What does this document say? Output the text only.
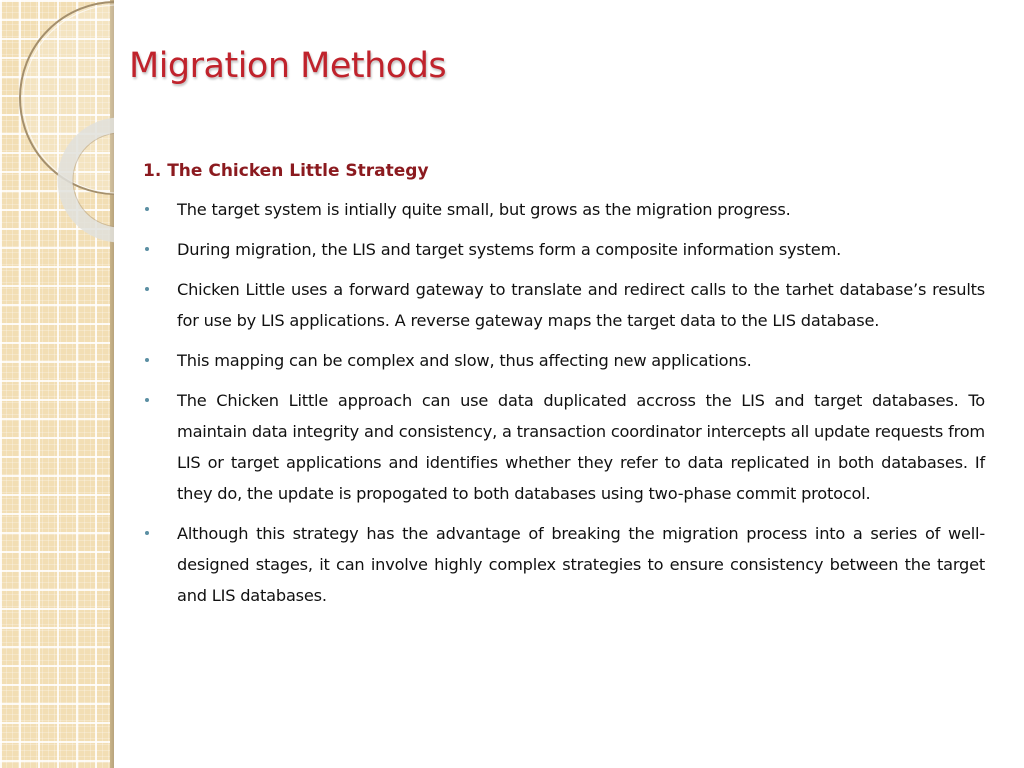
Migration Methods
1. The Chicken Little Strategy
The target system is intially quite small, but grows as the migration progress.
During migration, the LIS and target systems form a composite information system.
Chicken Little uses a forward gateway to translate and redirect calls to the tarhet database’s results for use by LIS applications. A reverse gateway maps the target data to the LIS database.
This mapping can be complex and slow, thus affecting new applications.
The Chicken Little approach can use data duplicated accross the LIS and target databases. To maintain data integrity and consistency, a transaction coordinator intercepts all update requests from LIS or target applications and identifies whether they refer to data replicated in both databases. If they do, the update is propogated to both databases using two-phase commit protocol.
Although this strategy has the advantage of breaking the migration process into a series of well-designed stages, it can involve highly complex strategies to ensure consistency between the target and LIS databases.
